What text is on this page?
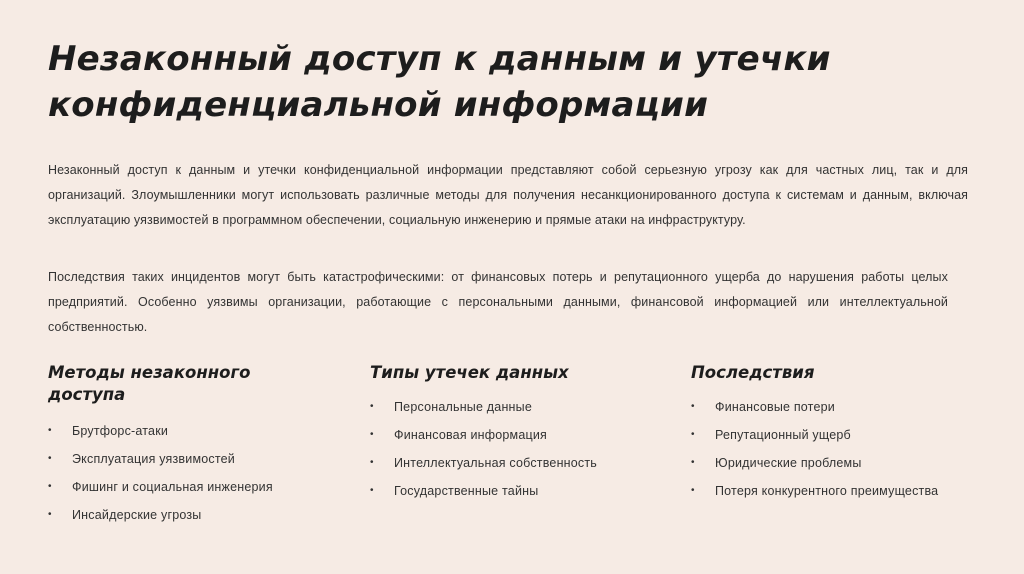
Незаконный доступ к данным и утечки конфиденциальной информации

Незаконный доступ к данным и утечки конфиденциальной информации представляют собой серьезную угрозу как для частных лиц, так и для организаций. Злоумышленники могут использовать различные методы для получения несанкционированного доступа к системам и данным, включая эксплуатацию уязвимостей в программном обеспечении, социальную инженерию и прямые атаки на инфраструктуру.

Последствия таких инцидентов могут быть катастрофическими: от финансовых потерь и репутационного ущерба до нарушения работы целых предприятий. Особенно уязвимы организации, работающие с персональными данными, финансовой информацией или интеллектуальной собственностью.

Методы незаконного доступа
• Брутфорс-атаки
• Эксплуатация уязвимостей
• Фишинг и социальная инженерия
• Инсайдерские угрозы
Типы утечек данных
• Персональные данные
• Финансовая информация
• Интеллектуальная собственность
• Государственные тайны
Последствия
• Финансовые потери
• Репутационный ущерб
• Юридические проблемы
• Потеря конкурентного преимущества
